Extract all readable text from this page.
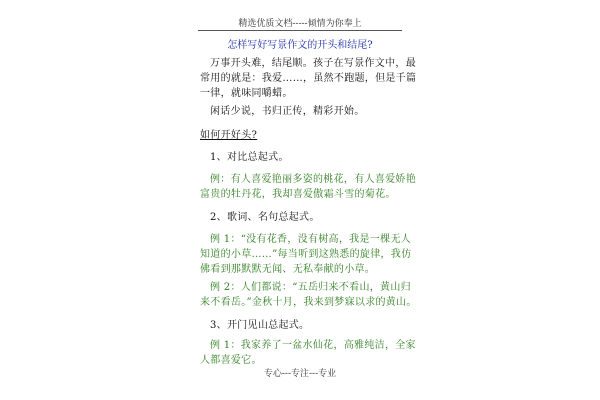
精选优质文档-----倾情为你奉上
怎样写好写景作文的开头和结尾?
万事开头难，结尾顺。孩子在写景作文中，最常用的就是：我爱……，虽然不跑题，但是千篇一律，就味同嚼蜡。
闲话少说，书归正传，精彩开始。
如何开好头?
1、对比总起式。
例：有人喜爱艳丽多姿的桃花，有人喜爱娇艳富贵的牡丹花，我却喜爱傲霜斗雪的菊花。
2、歌词、名句总起式。
例 1：“没有花香，没有树高，我是一棵无人知道的小草……”每当听到这熟悉的旋律，我仿佛看到那默默无闻、无私奉献的小草。
例 2：人们都说：“五岳归来不看山，黄山归来不看岳。”金秋十月，我来到梦寐以求的黄山。
3、开门见山总起式。
例 1：我家养了一盆水仙花，高雅纯洁，全家人都喜爱它。
专心---专注---专业
